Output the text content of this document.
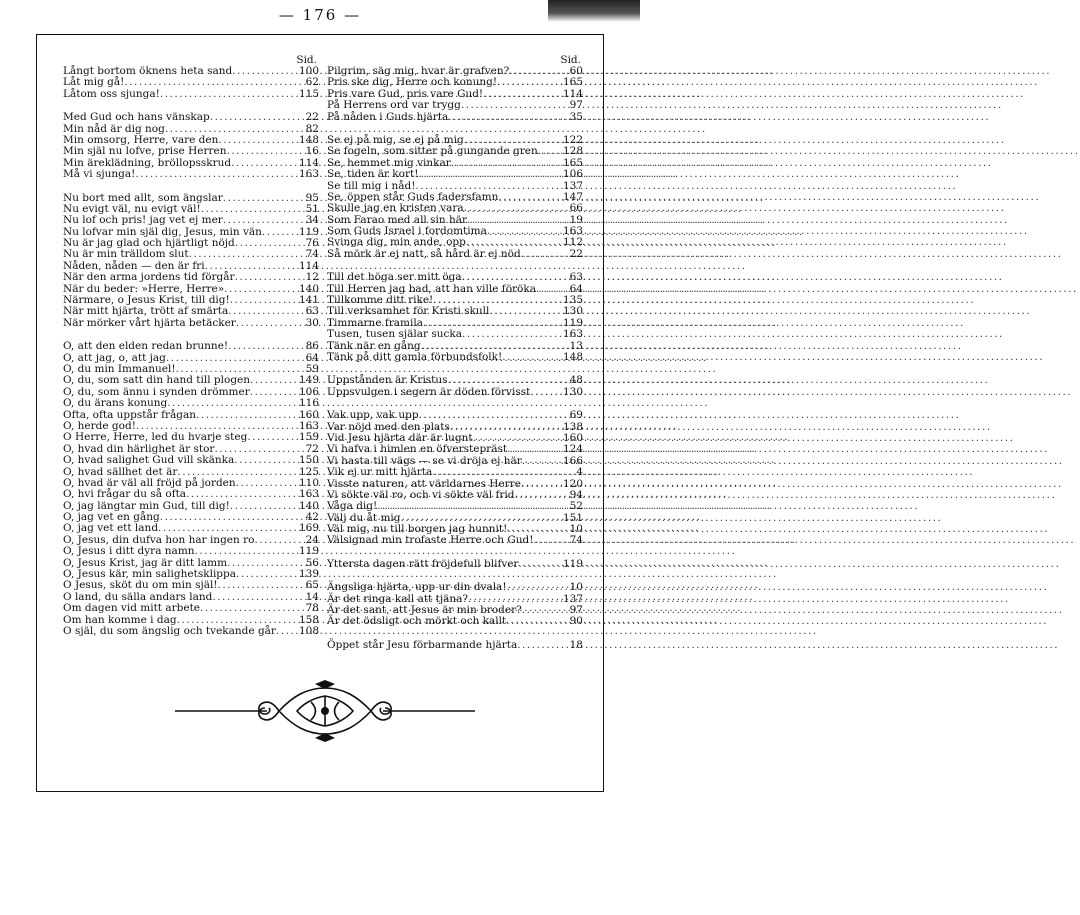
— 176 —
Sid.
Långt bortom öknens heta sand .....	100
Låt mig gå! .....	62
Låtom oss sjunga! .....	115
Med Gud och hans vänskap .....	22
Min nåd är dig nog .....	82
Min omsorg, Herre, vare den .....	148
Min själ nu lofve, prise Herren .....	16
Min äreklädning, bröllopsskrud .....	114
Må vi sjunga! .....	163
Nu bort med allt, som ängslar .....	95
Nu evigt väl, nu evigt väl! .....	51
Nu lof och pris! jag vet ej mer .....	34
Nu lofvar min själ dig, Jesus, min vän .....	119
Nu är jag glad och hjärtligt nöjd .....	76
Nu är min trälldom slut .....	74
Nåden, nåden — den är fri .....	114
När den arma jordens tid förgår .....	12
När du beder: »Herre, Herre» .....	140
Närmare, o Jesus Krist, till dig! .....	141
När mitt hjärta, trött af smärta .....	63
När mörker vårt hjärta betäcker .....	30
O, att den elden redan brunne! .....	86
O, att jag, o, att jag .....	64
O, du min Immanuel! .....	59
O, du, som satt din hand till plogen .....	149
O, du, som ännu i synden drömmer .....	106
O, du ärans konung .....	116
Ofta, ofta uppstår frågan .....	160
O, herde god! .....	163
O Herre, Herre, led du hvarje steg .....	159
O, hvad din härlighet är stor .....	72
O, hvad salighet Gud vill skänka .....	150
O, hvad sällhet det är .....	125
O, hvad är väl all fröjd på jorden .....	110
O, hvi frågar du så ofta .....	163
O, jag längtar min Gud, till dig! .....	140
O, jag vet en gång .....	42
O, jag vet ett land .....	169
O, Jesus, din dufva hon har ingen ro .....	24
O, Jesus i ditt dyra namn .....	119
O, Jesus Krist, jag är ditt lamm .....	56
O, Jesus kär, min salighetsklippa .....	139
O Jesus, sköt du om min själ! .....	65
O land, du sälla andars land .....	14
Om dagen vid mitt arbete .....	78
Om han komme i dag .....	158
O själ, du som ängslig och tvekande går ..... 108
Sid.
Pilgrim, säg mig, hvar är grafven? .....	60
Pris ske dig, Herre och konung! .....	165
Pris vare Gud, pris vare Gud! .....	114
På Herrens ord var trygg .....	97
På nåden i Guds hjärta .....	35
Se ej på mig, se ej på mig .....	122
Se fogeln, som sitter på gungande gren ..... 128
Se, hemmet mig vinkar .....	165
Se, tiden är kort! .....	106
Se till mig i nåd! .....	137
Se, öppen står Guds fadersfamn .....	147
Skulle jag en kristen vara .....	66
Som Farao med all sin här .....	19
Som Guds Israel i fordomtima .....	163
Svinga dig, min ande, opp .....	112
Så mörk är ej natt, så hård är ej nöd .....	22
Till det höga ser mitt öga .....	63
Till Herren jag bad, att han ville föröka .....	64
Tillkomme ditt rike! .....	135
Till verksamhet för Kristi skull .....	130
Timmarne framila .....	119
Tusen, tusen själar sucka .....	163
Tänk när en gång .....	13
Tänk på ditt gamla förbundsfolk! .....	148
Uppstånden är Kristus .....	48
Uppsvulgen i segern är döden förvisst .....	130
Vak upp, vak upp .....	69
Var nöjd med den plats .....	138
Vid Jesu hjärta där är lugnt .....	160
Vi hafva i himlen en öfverstepräst .....	124
Vi hasta till vägs — se vi dröja ej här .....	166
Vik ej ur mitt hjärta .....	4
Visste naturen, att världarnes Herre .....	120
Vi sökte väl ro, och vi sökte väl frid .....	94
Våga dig! .....	52
Välj du åt mig .....	151
Väl mig, nu till borgen jag hunnit! .....	10
Välsignad min trofaste Herre och Gud! .....	74
Yttersta dagen rätt fröjdefull blifver .....	119
Ängsliga hjärta, upp ur din dvala! .....	10
Är det ringa kall att tjäna? .....	137
Är det sant, att Jesus är min broder? .....	97
Är det ödsligt och mörkt och kallt .....	90
Öppet står Jesu förbarmande hjärta .....	18
